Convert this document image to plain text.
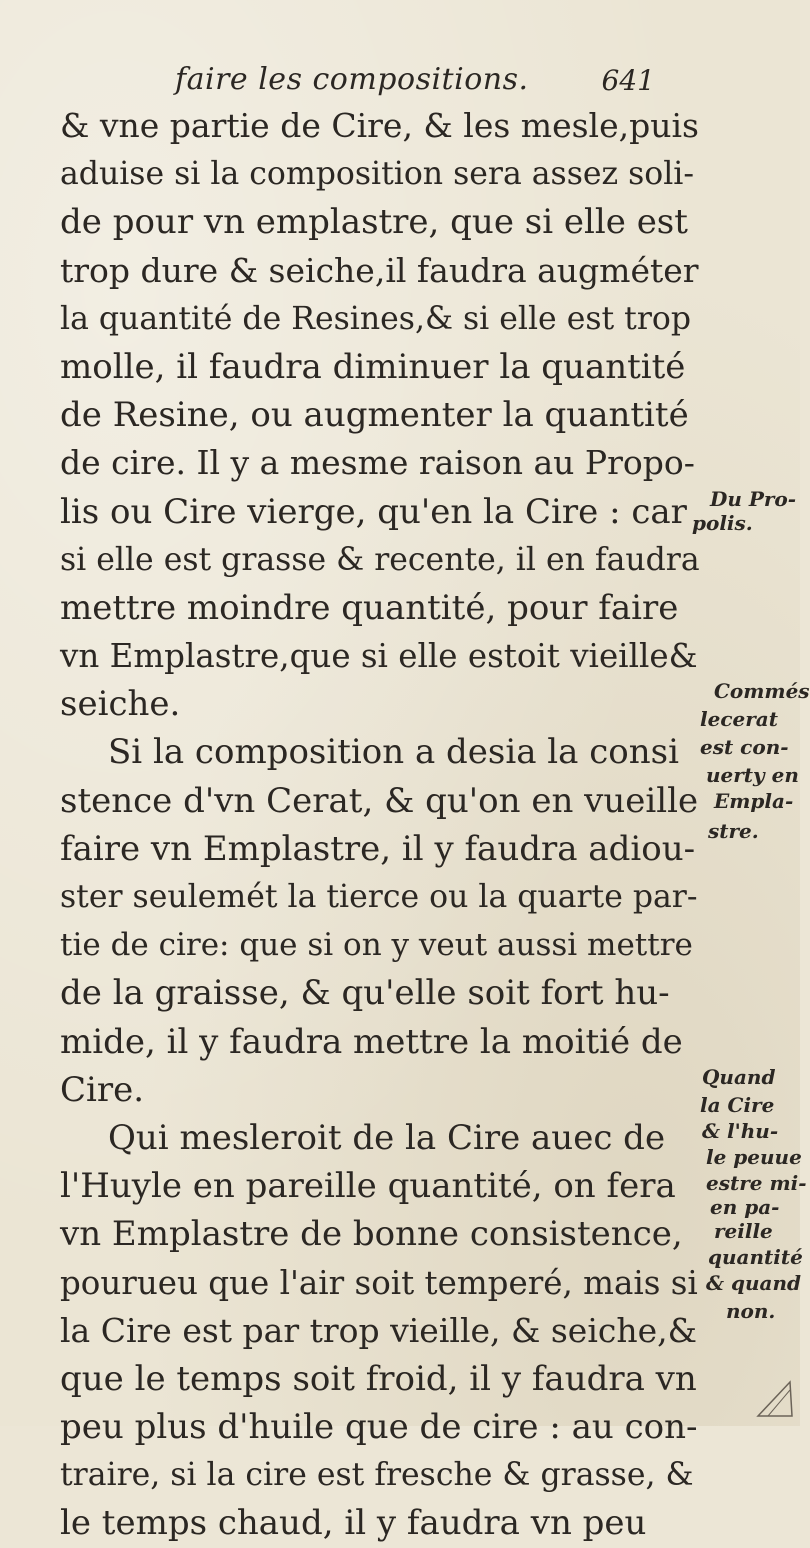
faire les compositions.	641
& vne partie de Cire, & les mesle,puis
aduise si la composition sera assez soli-
de pour vn emplastre, que si elle est
trop dure & seiche,il faudra augméter
la quantité de Resines,& si elle est trop
molle, il faudra diminuer la quantité
de Resine, ou augmenter la quantité
de cire. Il y a mesme raison au Propo-
lis ou Cire vierge, qu'en la Cire : car
si elle est grasse & recente, il en faudra
mettre moindre quantité, pour faire
vn Emplastre,que si elle estoit vieille&
seiche.
Si la composition a desia la consi
stence d'vn Cerat, & qu'on en vueille
faire vn Emplastre, il y faudra adiou-
ster seulemét la tierce ou la quarte par-
tie de cire: que si on y veut aussi mettre
de la graisse, & qu'elle soit fort hu-
mide, il y faudra mettre la moitié de
Cire.
Qui mesleroit de la Cire auec de
l'Huyle en pareille quantité, on fera
vn Emplastre de bonne consistence,
pourueu que l'air soit temperé, mais si
la Cire est par trop vieille, & seiche,&
que le temps soit froid, il y faudra vn
peu plus d'huile que de cire : au con-
traire, si la cire est fresche & grasse, &
le temps chaud, il y faudra vn peu
Du Pro-
polis.
Commés
lecerat
est con-
uerty en
Empla-
stre.
Quand
la Cire
& l'hu-
le peuue
estre mi-
en pa-
reille
quantité
& quand
non.
